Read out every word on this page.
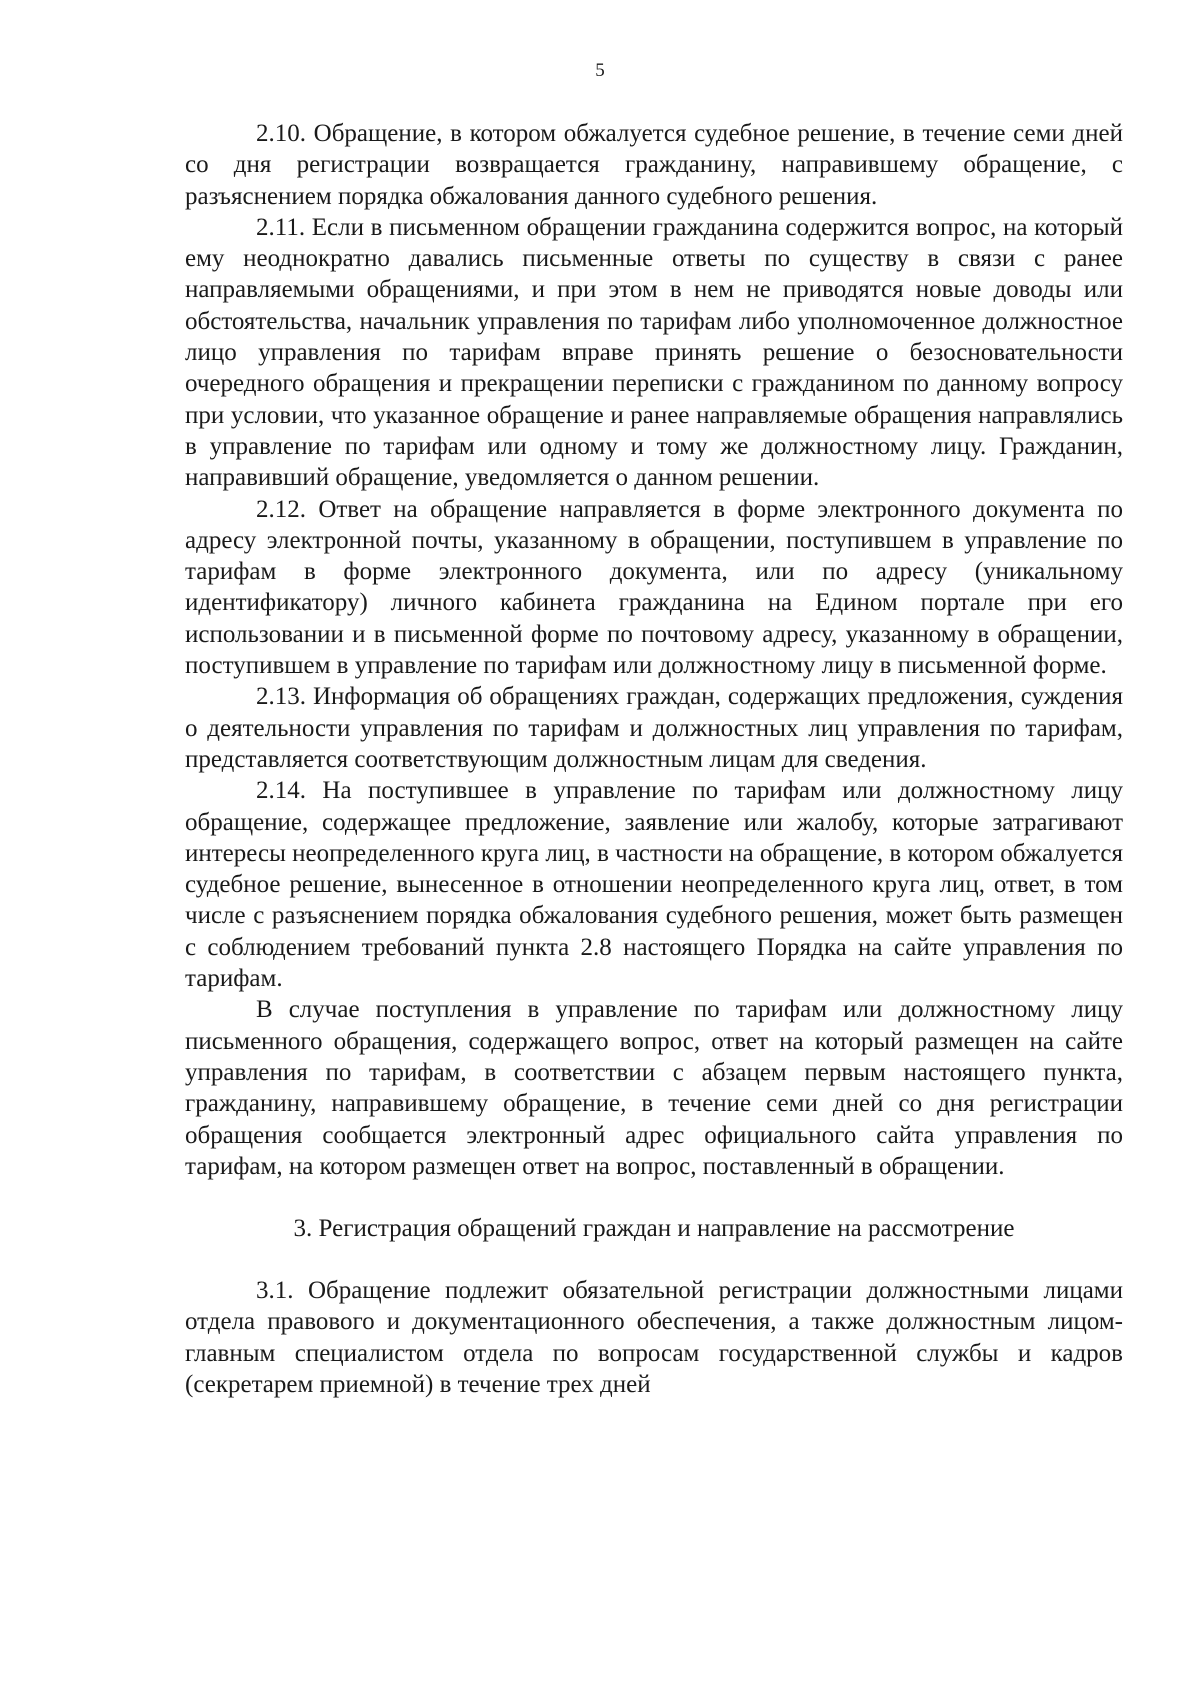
5

2.10. Обращение, в котором обжалуется судебное решение, в течение семи дней со дня регистрации возвращается гражданину, направившему обращение, с разъяснением порядка обжалования данного судебного решения.

2.11. Если в письменном обращении гражданина содержится вопрос, на который ему неоднократно давались письменные ответы по существу в связи с ранее направляемыми обращениями, и при этом в нем не приводятся новые доводы или обстоятельства, начальник управления по тарифам либо уполномоченное должностное лицо управления по тарифам вправе принять решение о безосновательности очередного обращения и прекращении переписки с гражданином по данному вопросу при условии, что указанное обращение и ранее направляемые обращения направлялись в управление по тарифам или одному и тому же должностному лицу. Гражданин, направивший обращение, уведомляется о данном решении.

2.12. Ответ на обращение направляется в форме электронного документа по адресу электронной почты, указанному в обращении, поступившем в управление по тарифам в форме электронного документа, или по адресу (уникальному идентификатору) личного кабинета гражданина на Едином портале при его использовании и в письменной форме по почтовому адресу, указанному в обращении, поступившем в управление по тарифам или должностному лицу в письменной форме.

2.13. Информация об обращениях граждан, содержащих предложения, суждения о деятельности управления по тарифам и должностных лиц управления по тарифам, представляется соответствующим должностным лицам для сведения.

2.14. На поступившее в управление по тарифам или должностному лицу обращение, содержащее предложение, заявление или жалобу, которые затрагивают интересы неопределенного круга лиц, в частности на обращение, в котором обжалуется судебное решение, вынесенное в отношении неопределенного круга лиц, ответ, в том числе с разъяснением порядка обжалования судебного решения, может быть размещен с соблюдением требований пункта 2.8 настоящего Порядка на сайте управления по тарифам.

В случае поступления в управление по тарифам или должностному лицу письменного обращения, содержащего вопрос, ответ на который размещен на сайте управления по тарифам, в соответствии с абзацем первым настоящего пункта, гражданину, направившему обращение, в течение семи дней со дня регистрации обращения сообщается электронный адрес официального сайта управления по тарифам, на котором размещен ответ на вопрос, поставленный в обращении.

3. Регистрация обращений граждан и направление на рассмотрение

3.1. Обращение подлежит обязательной регистрации должностными лицами отдела правового и документационного обеспечения, а также должностным лицом- главным специалистом отдела по вопросам государственной службы и кадров (секретарем приемной) в течение трех дней
